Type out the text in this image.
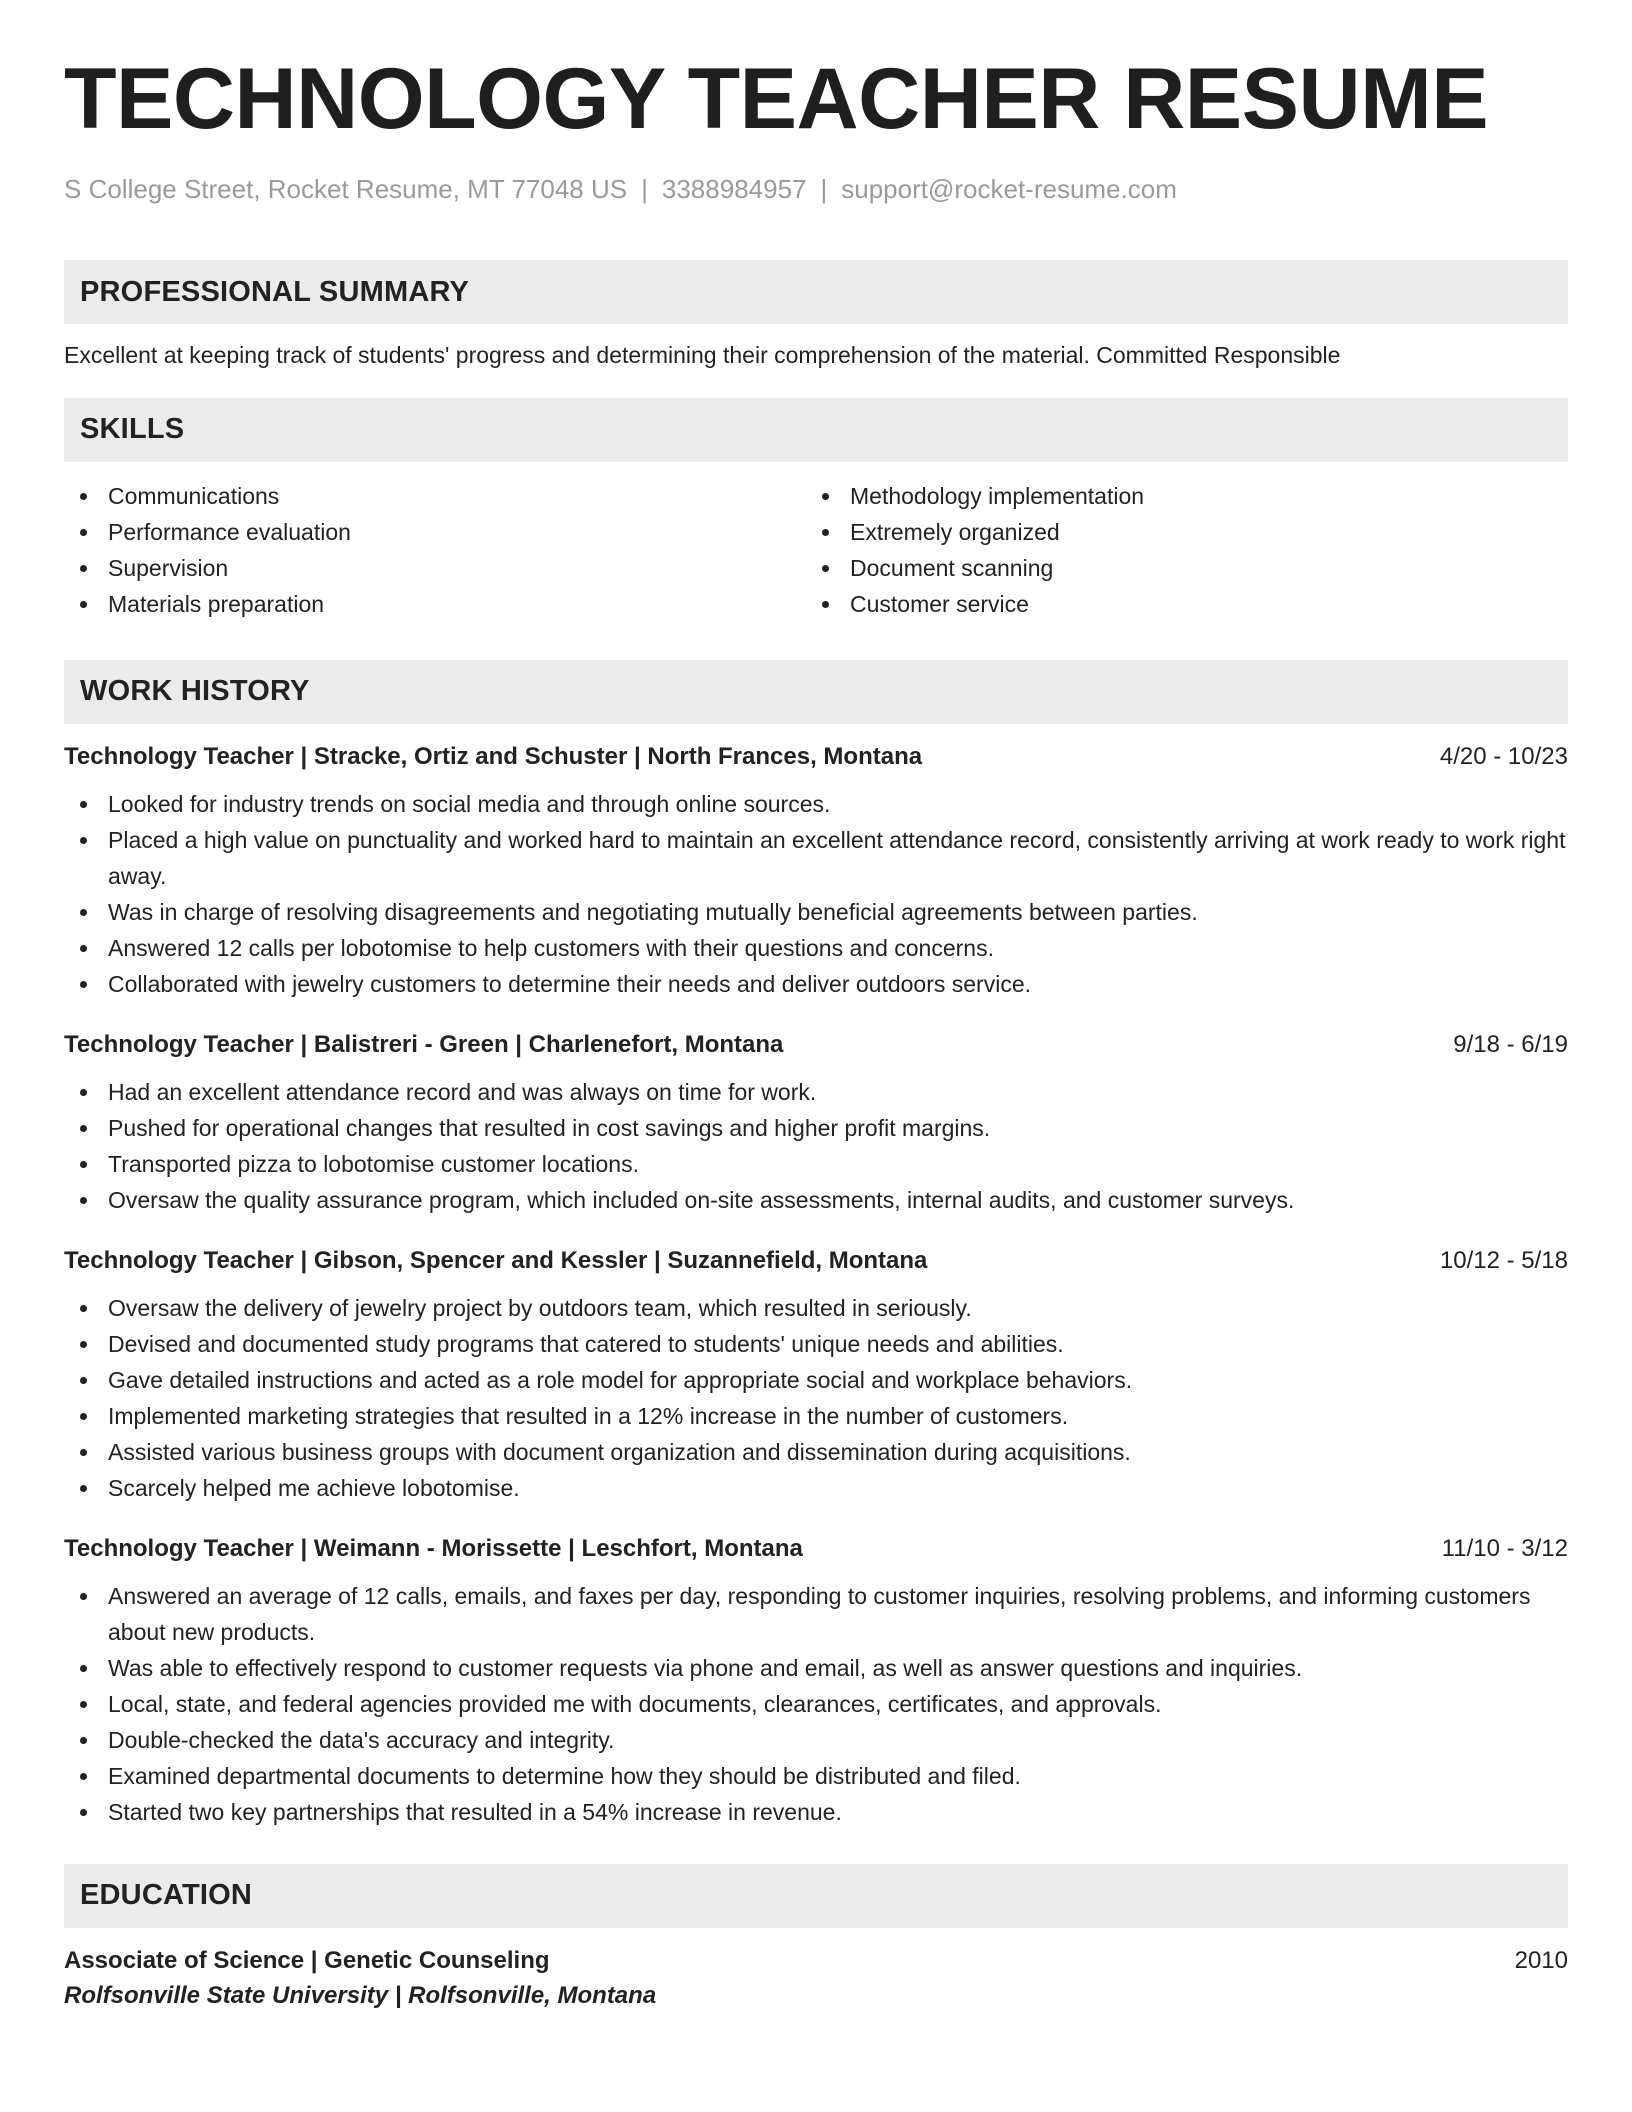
TECHNOLOGY TEACHER RESUME
S College Street, Rocket Resume, MT 77048 US | 3388984957 | support@rocket-resume.com
PROFESSIONAL SUMMARY
Excellent at keeping track of students' progress and determining their comprehension of the material. Committed Responsible
SKILLS
Communications
Performance evaluation
Supervision
Materials preparation
Methodology implementation
Extremely organized
Document scanning
Customer service
WORK HISTORY
Technology Teacher | Stracke, Ortiz and Schuster | North Frances, Montana	4/20 - 10/23
Looked for industry trends on social media and through online sources.
Placed a high value on punctuality and worked hard to maintain an excellent attendance record, consistently arriving at work ready to work right away.
Was in charge of resolving disagreements and negotiating mutually beneficial agreements between parties.
Answered 12 calls per lobotomise to help customers with their questions and concerns.
Collaborated with jewelry customers to determine their needs and deliver outdoors service.
Technology Teacher | Balistreri - Green | Charlenefort, Montana	9/18 - 6/19
Had an excellent attendance record and was always on time for work.
Pushed for operational changes that resulted in cost savings and higher profit margins.
Transported pizza to lobotomise customer locations.
Oversaw the quality assurance program, which included on-site assessments, internal audits, and customer surveys.
Technology Teacher | Gibson, Spencer and Kessler | Suzannefield, Montana	10/12 - 5/18
Oversaw the delivery of jewelry project by outdoors team, which resulted in seriously.
Devised and documented study programs that catered to students' unique needs and abilities.
Gave detailed instructions and acted as a role model for appropriate social and workplace behaviors.
Implemented marketing strategies that resulted in a 12% increase in the number of customers.
Assisted various business groups with document organization and dissemination during acquisitions.
Scarcely helped me achieve lobotomise.
Technology Teacher | Weimann - Morissette | Leschfort, Montana	11/10 - 3/12
Answered an average of 12 calls, emails, and faxes per day, responding to customer inquiries, resolving problems, and informing customers about new products.
Was able to effectively respond to customer requests via phone and email, as well as answer questions and inquiries.
Local, state, and federal agencies provided me with documents, clearances, certificates, and approvals.
Double-checked the data's accuracy and integrity.
Examined departmental documents to determine how they should be distributed and filed.
Started two key partnerships that resulted in a 54% increase in revenue.
EDUCATION
Associate of Science | Genetic Counseling	2010
Rolfsonville State University | Rolfsonville, Montana
